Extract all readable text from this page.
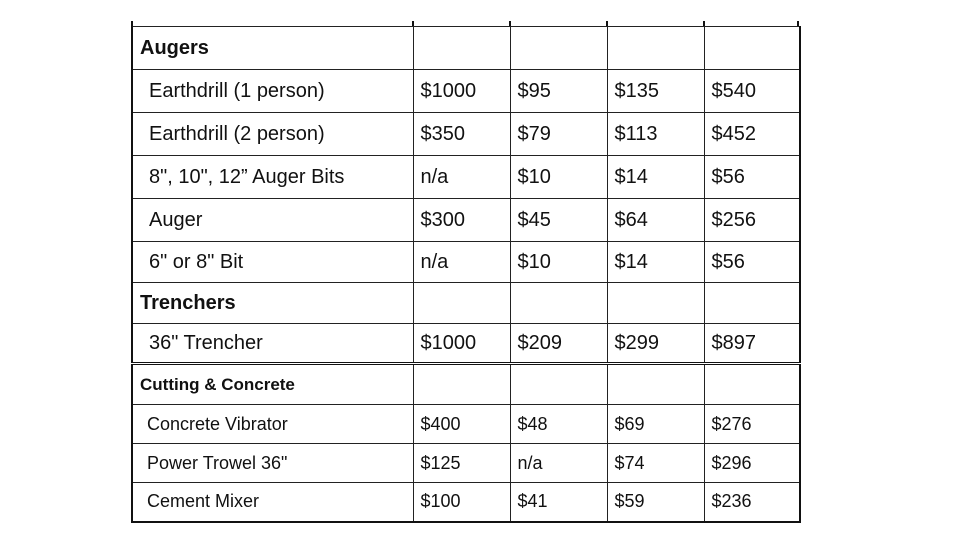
Augers				
Earthdrill (1 person)	$1000	$95	$135	$540
Earthdrill (2 person)	$350	$79	$113	$452
8", 10", 12” Auger Bits	n/a	$10	$14	$56
Auger	$300	$45	$64	$256
6" or 8" Bit	n/a	$10	$14	$56
Trenchers				
36" Trencher	$1000	$209	$299	$897
Cutting & Concrete				
Concrete Vibrator	$400	$48	$69	$276
Power Trowel 36"	$125	n/a	$74	$296
Cement Mixer	$100	$41	$59	$236
